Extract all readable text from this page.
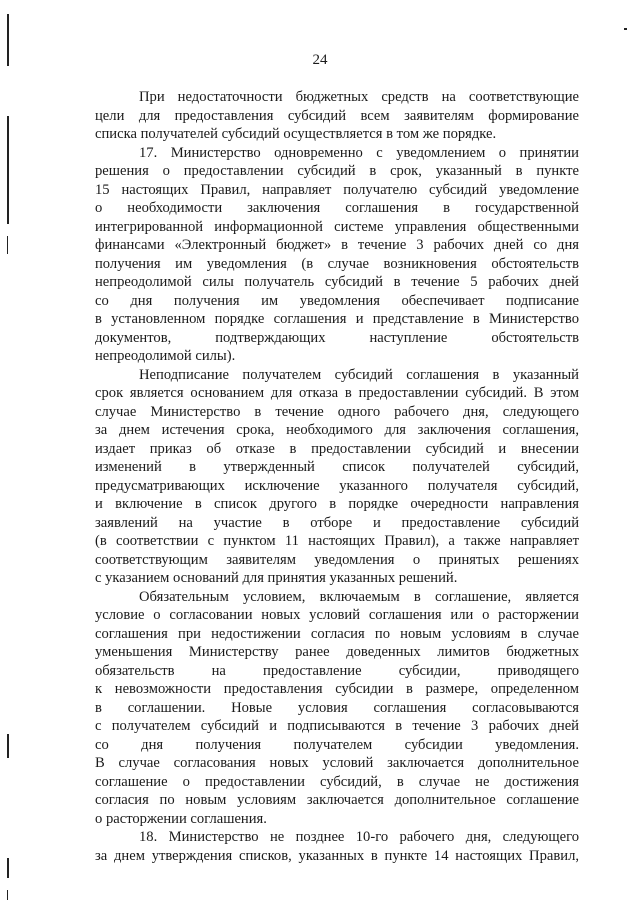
24
При недостаточности бюджетных средств на соответствующие
цели для предоставления субсидий всем заявителям формирование
списка получателей субсидий осуществляется в том же порядке.
17. Министерство одновременно с уведомлением о принятии
решения о предоставлении субсидий в срок, указанный в пункте
15 настоящих Правил, направляет получателю субсидий уведомление
о необходимости заключения соглашения в государственной
интегрированной информационной системе управления общественными
финансами «Электронный бюджет» в течение 3 рабочих дней со дня
получения им уведомления (в случае возникновения обстоятельств
непреодолимой силы получатель субсидий в течение 5 рабочих дней
со дня получения им уведомления обеспечивает подписание
в установленном порядке соглашения и представление в Министерство
документов, подтверждающих наступление обстоятельств
непреодолимой силы).
Неподписание получателем субсидий соглашения в указанный
срок является основанием для отказа в предоставлении субсидий. В этом
случае Министерство в течение одного рабочего дня, следующего
за днем истечения срока, необходимого для заключения соглашения,
издает приказ об отказе в предоставлении субсидий и внесении
изменений в утвержденный список получателей субсидий,
предусматривающих исключение указанного получателя субсидий,
и включение в список другого в порядке очередности направления
заявлений на участие в отборе и предоставление субсидий
(в соответствии с пунктом 11 настоящих Правил), а также направляет
соответствующим заявителям уведомления о принятых решениях
с указанием оснований для принятия указанных решений.
Обязательным условием, включаемым в соглашение, является
условие о согласовании новых условий соглашения или о расторжении
соглашения при недостижении согласия по новым условиям в случае
уменьшения Министерству ранее доведенных лимитов бюджетных
обязательств на предоставление субсидии, приводящего
к невозможности предоставления субсидии в размере, определенном
в соглашении. Новые условия соглашения согласовываются
с получателем субсидий и подписываются в течение 3 рабочих дней
со дня получения получателем субсидии уведомления.
В случае согласования новых условий заключается дополнительное
соглашение о предоставлении субсидий, в случае не достижения
согласия по новым условиям заключается дополнительное соглашение
о расторжении соглашения.
18. Министерство не позднее 10-го рабочего дня, следующего
за днем утверждения списков, указанных в пункте 14 настоящих Правил,
